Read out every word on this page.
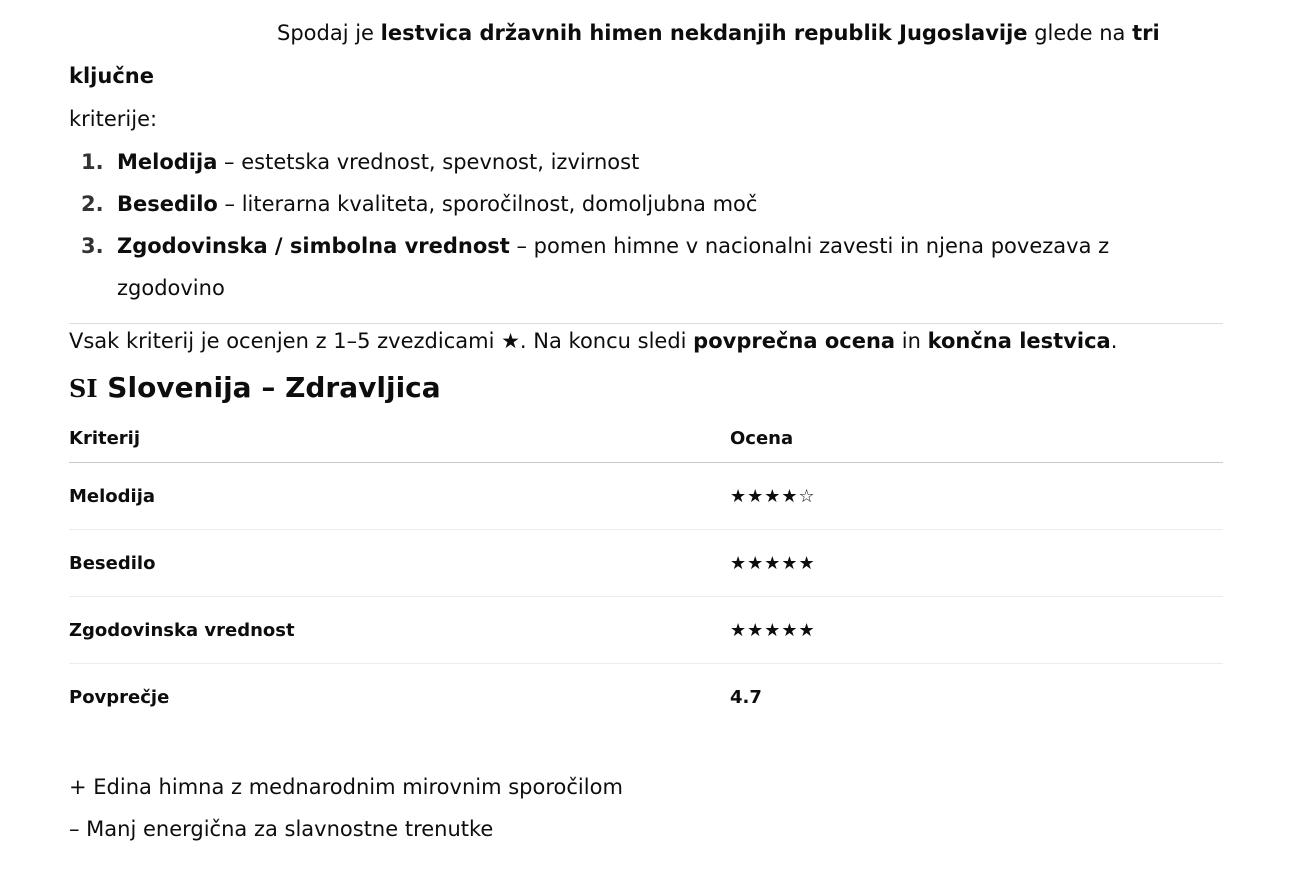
Spodaj je lestvica državnih himen nekdanjih republik Jugoslavije glede na tri ključne
kriterije:

1. Melodija – estetska vrednost, spevnost, izvirnost
2. Besedilo – literarna kvaliteta, sporočilnost, domoljubna moč
3. Zgodovinska / simbolna vrednost – pomen himne v nacionalni zavesti in njena povezava z zgodovino

Vsak kriterij je ocenjen z 1–5 zvezdicami ★. Na koncu sledi povprečna ocena in končna lestvica.

SI Slovenija – Zdravljica
Kriterij	Ocena
Melodija	★★★★☆
Besedilo	★★★★★
Zgodovinska vrednost	★★★★★
Povprečje	4.7
+ Edina himna z mednarodnim mirovnim sporočilom
– Manj energična za slavnostne trenutke
